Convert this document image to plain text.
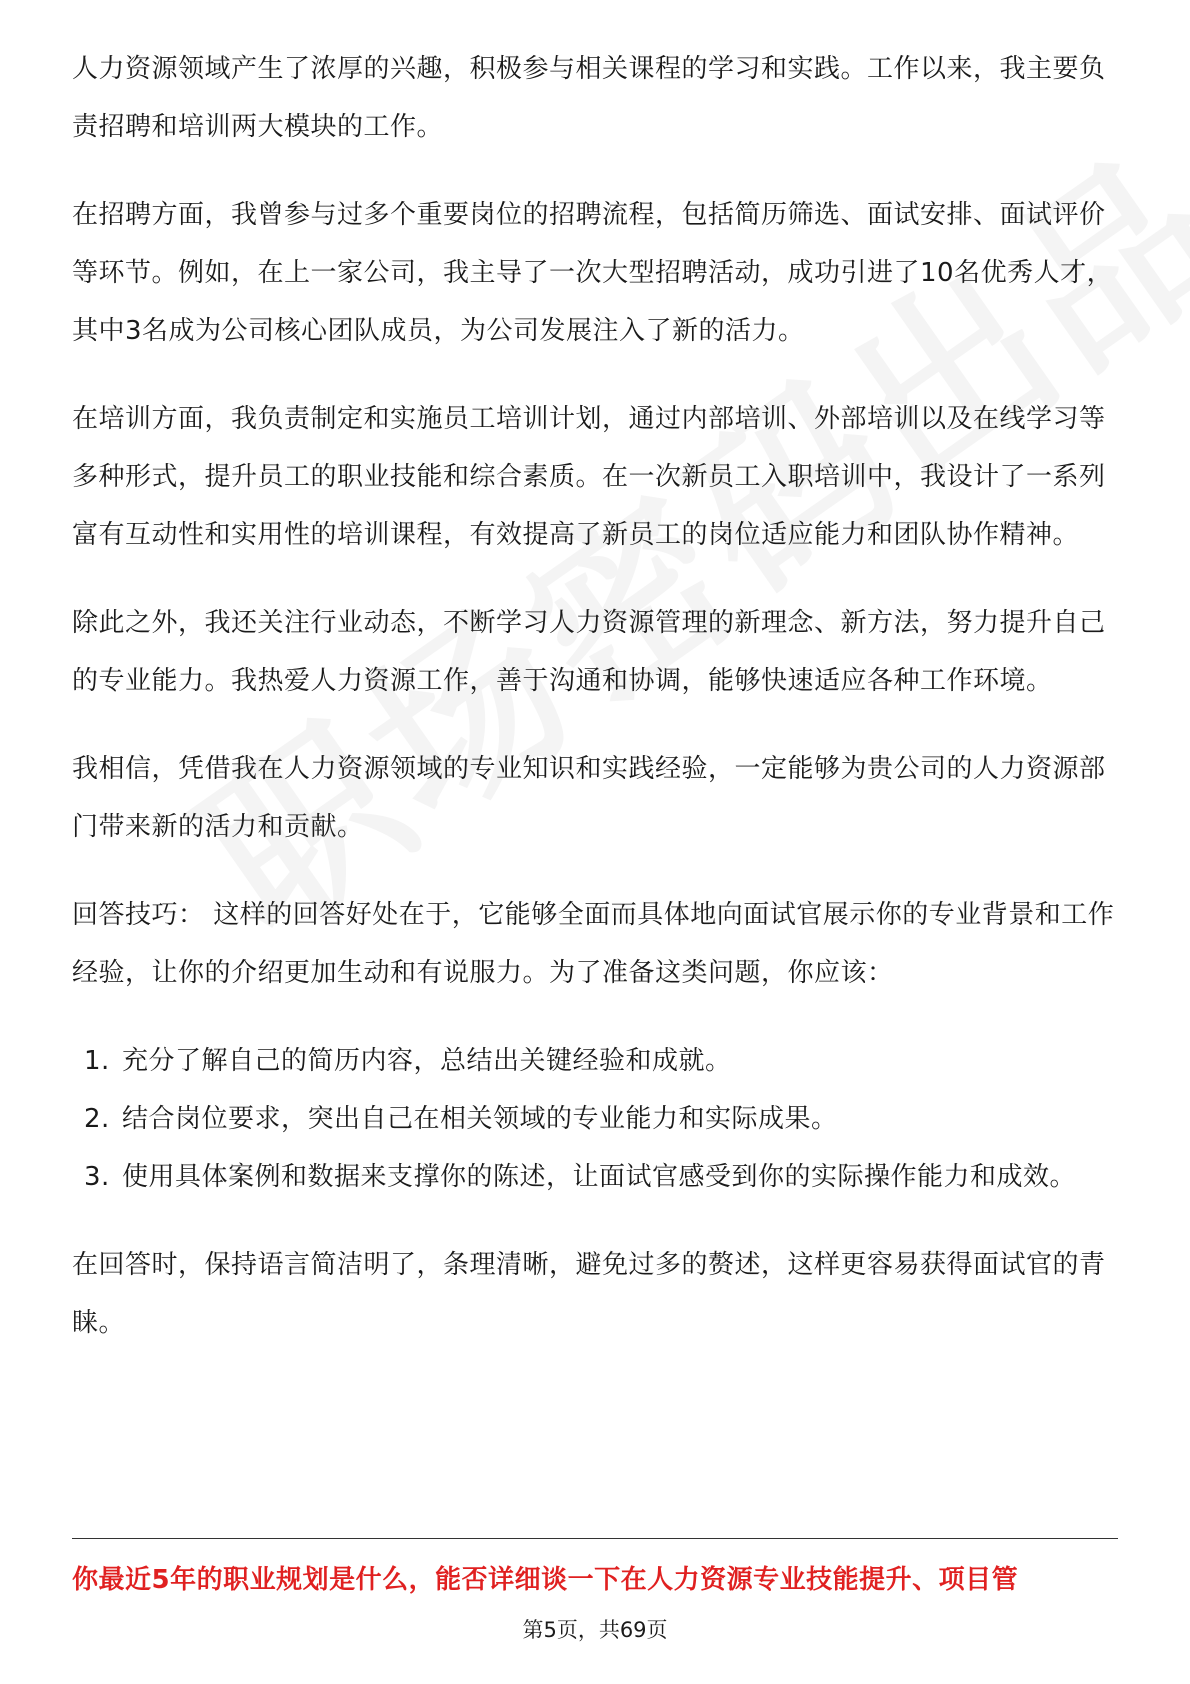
人力资源领域产生了浓厚的兴趣，积极参与相关课程的学习和实践。工作以来，我主要负责招聘和培训两大模块的工作。

在招聘方面，我曾参与过多个重要岗位的招聘流程，包括简历筛选、面试安排、面试评价等环节。例如，在上一家公司，我主导了一次大型招聘活动，成功引进了10名优秀人才，其中3名成为公司核心团队成员，为公司发展注入了新的活力。

在培训方面，我负责制定和实施员工培训计划，通过内部培训、外部培训以及在线学习等多种形式，提升员工的职业技能和综合素质。在一次新员工入职培训中，我设计了一系列富有互动性和实用性的培训课程，有效提高了新员工的岗位适应能力和团队协作精神。

除此之外，我还关注行业动态，不断学习人力资源管理的新理念、新方法，努力提升自己的专业能力。我热爱人力资源工作，善于沟通和协调，能够快速适应各种工作环境。

我相信，凭借我在人力资源领域的专业知识和实践经验，一定能够为贵公司的人力资源部门带来新的活力和贡献。

回答技巧： 这样的回答好处在于，它能够全面而具体地向面试官展示你的专业背景和工作经验，让你的介绍更加生动和有说服力。为了准备这类问题，你应该：

1. 充分了解自己的简历内容，总结出关键经验和成就。
2. 结合岗位要求，突出自己在相关领域的专业能力和实际成果。
3. 使用具体案例和数据来支撑你的陈述，让面试官感受到你的实际操作能力和成效。

在回答时，保持语言简洁明了，条理清晰，避免过多的赘述，这样更容易获得面试官的青睐。

你最近5年的职业规划是什么，能否详细谈一下在人力资源专业技能提升、项目管
第5页，共69页
